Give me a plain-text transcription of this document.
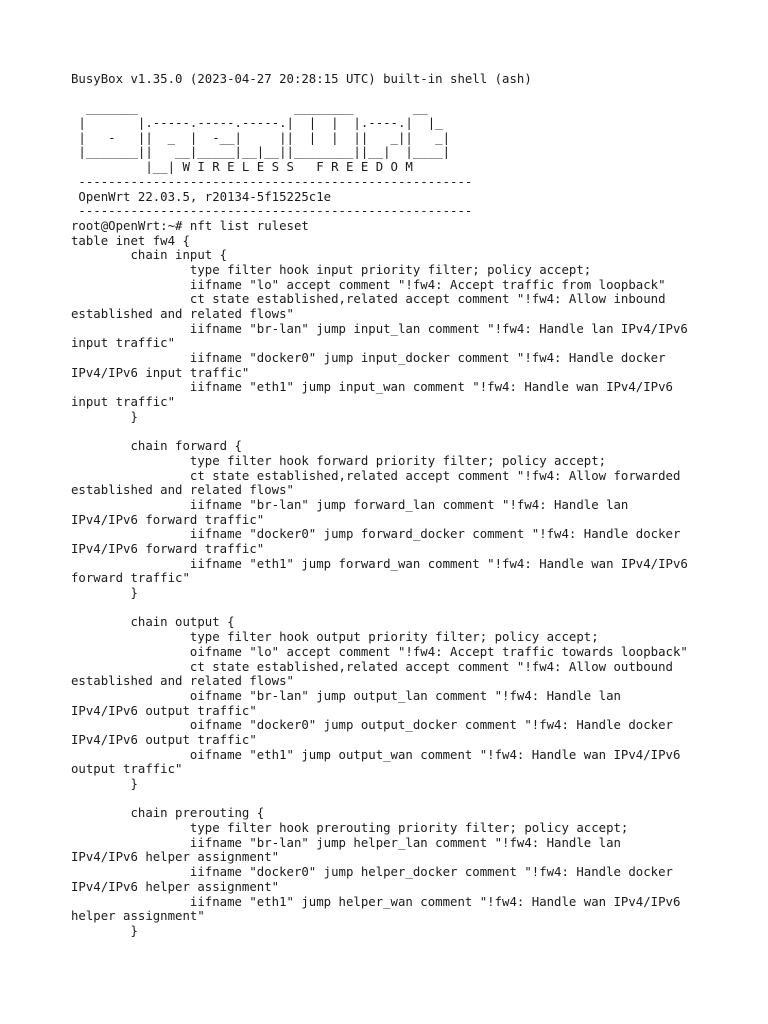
BusyBox v1.35.0 (2023-04-27 20:28:15 UTC) built-in shell (ash)
_______                     ________        __
|       |.-----.-----.-----.|  |  |  |.----.|  |_
|   -   ||  _  |  -__|     ||  |  |  ||   _||   _|
|_______||   __|_____|__|__||________||__|  |____|
|__| W I R E L E S S   F R E E D O M
-----------------------------------------------------
OpenWrt 22.03.5, r20134-5f15225c1e
-----------------------------------------------------
root@OpenWrt:~# nft list ruleset
table inet fw4 {
chain input {
type filter hook input priority filter; policy accept;
iifname "lo" accept comment "!fw4: Accept traffic from loopback"
ct state established,related accept comment "!fw4: Allow inbound
established and related flows"
iifname "br-lan" jump input_lan comment "!fw4: Handle lan IPv4/IPv6
input traffic"
iifname "docker0" jump input_docker comment "!fw4: Handle docker
IPv4/IPv6 input traffic"
iifname "eth1" jump input_wan comment "!fw4: Handle wan IPv4/IPv6
input traffic"
}
chain forward {
type filter hook forward priority filter; policy accept;
ct state established,related accept comment "!fw4: Allow forwarded
established and related flows"
iifname "br-lan" jump forward_lan comment "!fw4: Handle lan
IPv4/IPv6 forward traffic"
iifname "docker0" jump forward_docker comment "!fw4: Handle docker
IPv4/IPv6 forward traffic"
iifname "eth1" jump forward_wan comment "!fw4: Handle wan IPv4/IPv6
forward traffic"
}
chain output {
type filter hook output priority filter; policy accept;
oifname "lo" accept comment "!fw4: Accept traffic towards loopback"
ct state established,related accept comment "!fw4: Allow outbound
established and related flows"
oifname "br-lan" jump output_lan comment "!fw4: Handle lan
IPv4/IPv6 output traffic"
oifname "docker0" jump output_docker comment "!fw4: Handle docker
IPv4/IPv6 output traffic"
oifname "eth1" jump output_wan comment "!fw4: Handle wan IPv4/IPv6
output traffic"
}
chain prerouting {
type filter hook prerouting priority filter; policy accept;
iifname "br-lan" jump helper_lan comment "!fw4: Handle lan
IPv4/IPv6 helper assignment"
iifname "docker0" jump helper_docker comment "!fw4: Handle docker
IPv4/IPv6 helper assignment"
iifname "eth1" jump helper_wan comment "!fw4: Handle wan IPv4/IPv6
helper assignment"
}
